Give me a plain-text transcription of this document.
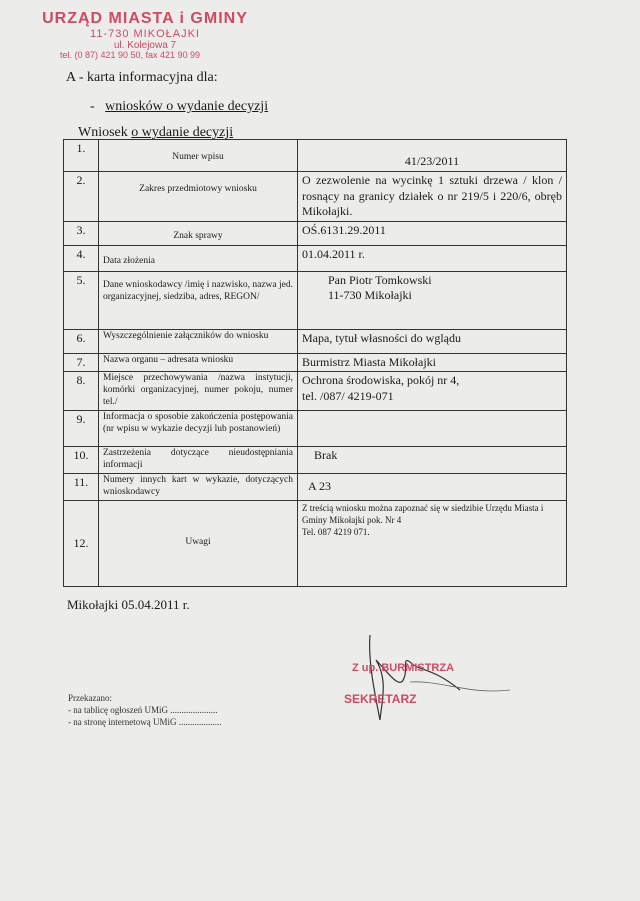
URZĄD MIASTA i GMINY
11-730 MIKOŁAJKI
ul. Kolejowa 7
tel. (0 87) 421 90 50, fax 421 90 99
A - karta informacyjna dla:
- wniosków o wydanie decyzji
Wniosek o wydanie decyzji
1.	Numer wpisu	41/23/2011
2.	Zakres przedmiotowy wniosku	O zezwolenie na wycinkę 1 sztuki drzewa / klon / rosnący na granicy działek o nr 219/5 i 220/6, obręb Mikołajki.
3.	Znak sprawy	OŚ.6131.29.2011
4.	Data złożenia	01.04.2011 r.
5.	Dane wnioskodawcy /imię i nazwisko, nazwa jed. organizacyjnej, siedziba, adres, REGON/	Pan Piotr Tomkowski
11-730 Mikołajki

6.	Wyszczególnienie załączników do wniosku	Mapa, tytuł własności do wglądu
7.	Nazwa organu – adresata wniosku	Burmistrz Miasta Mikołajki
8.	Miejsce przechowywania /nazwa instytucji, komórki organizacyjnej, numer pokoju, numer tel./	Ochrona środowiska, pokój nr 4,
tel. /087/ 4219-071

9.	Informacja o sposobie zakończenia postępowania (nr wpisu w wykazie decyzji lub postanowień)	
10.	Zastrzeżenia dotyczące nieudostępniania informacji	Brak
11.	Numery innych kart w wykazie, dotyczących wnioskodawcy	A 23
12.	Uwagi	Z treścią wniosku można zapoznać się w siedzibie Urzędu Miasta i Gminy Mikołajki pok. Nr 4
Tel. 087 4219 071.
Mikołajki 05.04.2011 r.
Z up. BURMISTRZA
SEKRETARZ
Przekazano:
- na tablicę ogłoszeń UMiG .....................
- na stronę internetową UMiG ...................
